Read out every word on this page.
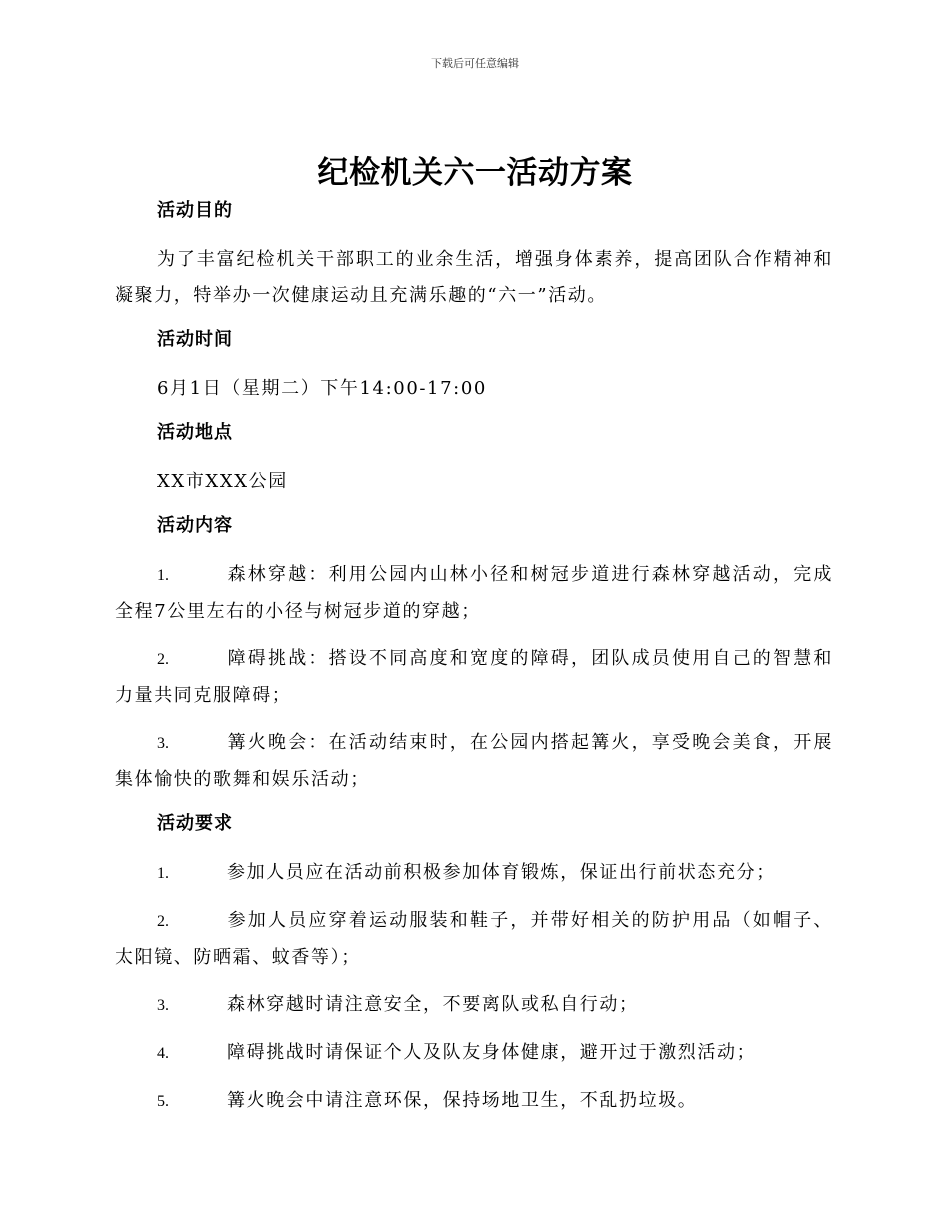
下载后可任意编辑
纪检机关六一活动方案
活动目的

为了丰富纪检机关干部职工的业余生活，增强身体素养，提高团队合作精神和凝聚力，特举办一次健康运动且充满乐趣的“六一”活动。

活动时间

6月1日（星期二）下午14:00-17:00

活动地点

XX市XXX公园

活动内容

1.	森林穿越：利用公园内山林小径和树冠步道进行森林穿越活动，完成全程7公里左右的小径与树冠步道的穿越；

2.	障碍挑战：搭设不同高度和宽度的障碍，团队成员使用自己的智慧和力量共同克服障碍；

3.	篝火晚会：在活动结束时，在公园内搭起篝火，享受晚会美食，开展集体愉快的歌舞和娱乐活动；

活动要求

1.	参加人员应在活动前积极参加体育锻炼，保证出行前状态充分；

2.	参加人员应穿着运动服装和鞋子，并带好相关的防护用品（如帽子、太阳镜、防晒霜、蚊香等）；

3.	森林穿越时请注意安全，不要离队或私自行动；

4.	障碍挑战时请保证个人及队友身体健康，避开过于激烈活动；

5.	篝火晚会中请注意环保，保持场地卫生，不乱扔垃圾。
